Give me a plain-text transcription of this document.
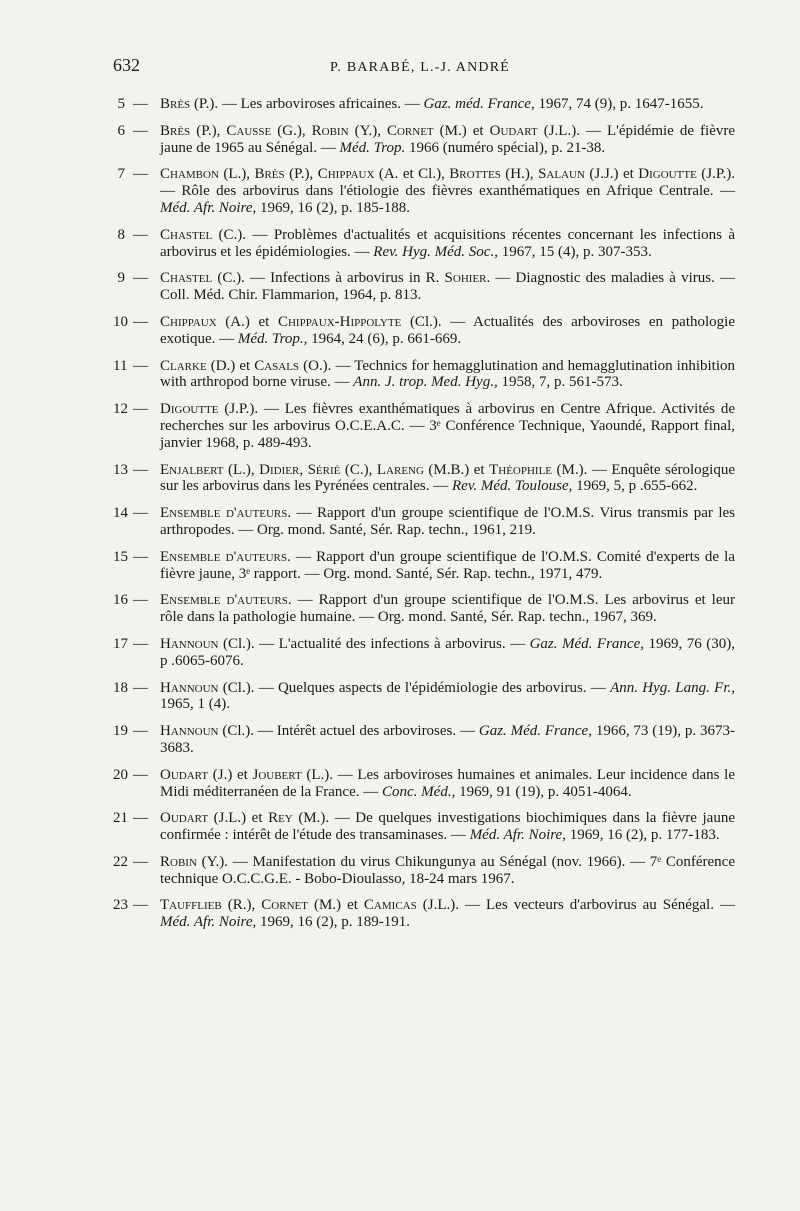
632	P. BARABÉ, L.-J. ANDRÉ
5 — Brès (P.). — Les arboviroses africaines. — Gaz. méd. France, 1967, 74 (9), p. 1647-1655.
6 — Brès (P.), Causse (G.), Robin (Y.), Cornet (M.) et Oudart (J.L.). — L'épidémie de fièvre jaune de 1965 au Sénégal. — Méd. Trop. 1966 (numéro spécial), p. 21-38.
7 — Chambon (L.), Brès (P.), Chippaux (A. et Cl.), Brottes (H.), Salaun (J.J.) et Digoutte (J.P.). — Rôle des arbovirus dans l'étiologie des fièvres exanthématiques en Afrique Centrale. — Méd. Afr. Noire, 1969, 16 (2), p. 185-188.
8 — Chastel (C.). — Problèmes d'actualités et acquisitions récentes concernant les infections à arbovirus et les épidémiologies. — Rev. Hyg. Méd. Soc., 1967, 15 (4), p. 307-353.
9 — Chastel (C.). — Infections à arbovirus in R. Sohier. — Diagnostic des maladies à virus. — Coll. Méd. Chir. Flammarion, 1964, p. 813.
10 — Chippaux (A.) et Chippaux-Hippolyte (Cl.). — Actualités des arboviroses en pathologie exotique. — Méd. Trop., 1964, 24 (6), p. 661-669.
11 — Clarke (D.) et Casals (O.). — Technics for hemagglutination and hemagglutination inhibition with arthropod borne viruse. — Ann. J. trop. Med. Hyg., 1958, 7, p. 561-573.
12 — Digoutte (J.P.). — Les fièvres exanthématiques à arbovirus en Centre Afrique. Activités de recherches sur les arbovirus O.C.E.A.C. — 3ᵉ Conférence Technique, Yaoundé, Rapport final, janvier 1968, p. 489-493.
13 — Enjalbert (L.), Didier, Sérié (C.), Lareng (M.B.) et Théophile (M.). — Enquête sérologique sur les arbovirus dans les Pyrénées centrales. — Rev. Méd. Toulouse, 1969, 5, p .655-662.
14 — Ensemble d'auteurs. — Rapport d'un groupe scientifique de l'O.M.S. Virus transmis par les arthropodes. — Org. mond. Santé, Sér. Rap. techn., 1961, 219.
15 — Ensemble d'auteurs. — Rapport d'un groupe scientifique de l'O.M.S. Comité d'experts de la fièvre jaune, 3ᵉ rapport. — Org. mond. Santé, Sér. Rap. techn., 1971, 479.
16 — Ensemble d'auteurs. — Rapport d'un groupe scientifique de l'O.M.S. Les arbovirus et leur rôle dans la pathologie humaine. — Org. mond. Santé, Sér. Rap. techn., 1967, 369.
17 — Hannoun (Cl.). — L'actualité des infections à arbovirus. — Gaz. Méd. France, 1969, 76 (30), p .6065-6076.
18 — Hannoun (Cl.). — Quelques aspects de l'épidémiologie des arbovirus. — Ann. Hyg. Lang. Fr., 1965, 1 (4).
19 — Hannoun (Cl.). — Intérêt actuel des arboviroses. — Gaz. Méd. France, 1966, 73 (19), p. 3673-3683.
20 — Oudart (J.) et Joubert (L.). — Les arboviroses humaines et animales. Leur incidence dans le Midi méditerranéen de la France. — Conc. Méd., 1969, 91 (19), p. 4051-4064.
21 — Oudart (J.L.) et Rey (M.). — De quelques investigations biochimiques dans la fièvre jaune confirmée : intérêt de l'étude des transaminases. — Méd. Afr. Noire, 1969, 16 (2), p. 177-183.
22 — Robin (Y.). — Manifestation du virus Chikungunya au Sénégal (nov. 1966). — 7ᵉ Conférence technique O.C.C.G.E. - Bobo-Dioulasso, 18-24 mars 1967.
23 — Taufflieb (R.), Cornet (M.) et Camicas (J.L.). — Les vecteurs d'arbovirus au Sénégal. — Méd. Afr. Noire, 1969, 16 (2), p. 189-191.
